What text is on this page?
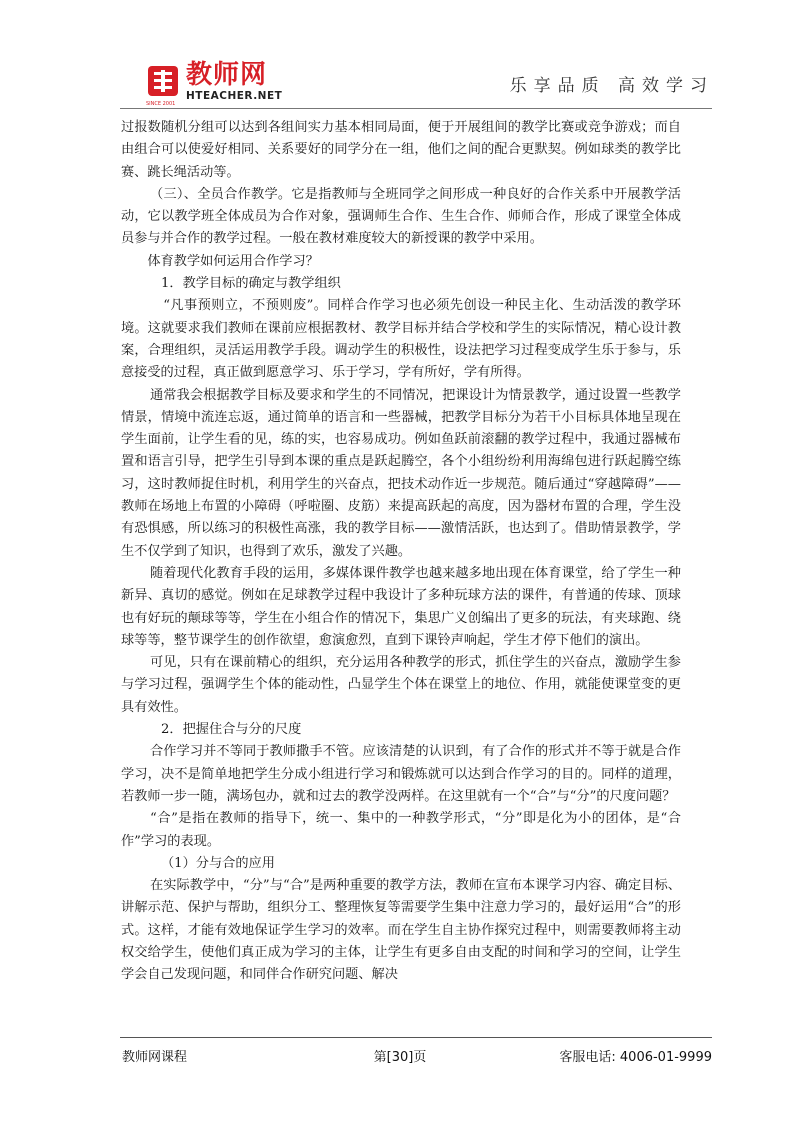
教师网
HTEACHER.NET
SINCE 2001
乐享品质 高效学习

过报数随机分组可以达到各组间实力基本相同局面，便于开展组间的教学比赛或竞争游戏；而自由组合可以使爱好相同、关系要好的同学分在一组，他们之间的配合更默契。例如球类的教学比赛、跳长绳活动等。

（三）、全员合作教学。它是指教师与全班同学之间形成一种良好的合作关系中开展教学活动，它以教学班全体成员为合作对象，强调师生合作、生生合作、师师合作，形成了课堂全体成员参与并合作的教学过程。一般在教材难度较大的新授课的教学中采用。

体育教学如何运用合作学习？

1．教学目标的确定与教学组织

“凡事预则立，不预则废”。同样合作学习也必须先创设一种民主化、生动活泼的教学环境。这就要求我们教师在课前应根据教材、教学目标并结合学校和学生的实际情况，精心设计教案，合理组织，灵活运用教学手段。调动学生的积极性，设法把学习过程变成学生乐于参与，乐意接受的过程，真正做到愿意学习、乐于学习，学有所好，学有所得。

通常我会根据教学目标及要求和学生的不同情况，把课设计为情景教学，通过设置一些教学情景，情境中流连忘返，通过简单的语言和一些器械，把教学目标分为若干小目标具体地呈现在学生面前，让学生看的见，练的实，也容易成功。例如鱼跃前滚翻的教学过程中，我通过器械布置和语言引导，把学生引导到本课的重点是跃起腾空，各个小组纷纷利用海绵包进行跃起腾空练习，这时教师捉住时机，利用学生的兴奋点，把技术动作近一步规范。随后通过“穿越障碍”——教师在场地上布置的小障碍（呼啦圈、皮筋）来提高跃起的高度，因为器材布置的合理，学生没有恐惧感，所以练习的积极性高涨，我的教学目标——激情活跃，也达到了。借助情景教学，学生不仅学到了知识，也得到了欢乐，激发了兴趣。

随着现代化教育手段的运用，多媒体课件教学也越来越多地出现在体育课堂，给了学生一种新异、真切的感觉。例如在足球教学过程中我设计了多种玩球方法的课件，有普通的传球、顶球也有好玩的颠球等等，学生在小组合作的情况下，集思广义创编出了更多的玩法，有夹球跑、绕球等等，整节课学生的创作欲望，愈演愈烈，直到下课铃声响起，学生才停下他们的演出。

可见，只有在课前精心的组织，充分运用各种教学的形式，抓住学生的兴奋点，激励学生参与学习过程，强调学生个体的能动性，凸显学生个体在课堂上的地位、作用，就能使课堂变的更具有效性。

2．把握住合与分的尺度

合作学习并不等同于教师撒手不管。应该清楚的认识到，有了合作的形式并不等于就是合作学习，决不是简单地把学生分成小组进行学习和锻炼就可以达到合作学习的目的。同样的道理，若教师一步一随，满场包办，就和过去的教学没两样。在这里就有一个“合”与“分”的尺度问题？

“合”是指在教师的指导下，统一、集中的一种教学形式，“分”即是化为小的团体，是“合作”学习的表现。

（1）分与合的应用

在实际教学中，“分”与“合”是两种重要的教学方法，教师在宣布本课学习内容、确定目标、讲解示范、保护与帮助，组织分工、整理恢复等需要学生集中注意力学习的，最好运用“合”的形式。这样，才能有效地保证学生学习的效率。而在学生自主协作探究过程中，则需要教师将主动权交给学生，使他们真正成为学习的主体，让学生有更多自由支配的时间和学习的空间，让学生学会自己发现问题，和同伴合作研究问题、解决

教师网课程	第[30]页	客服电话: 4006-01-9999
